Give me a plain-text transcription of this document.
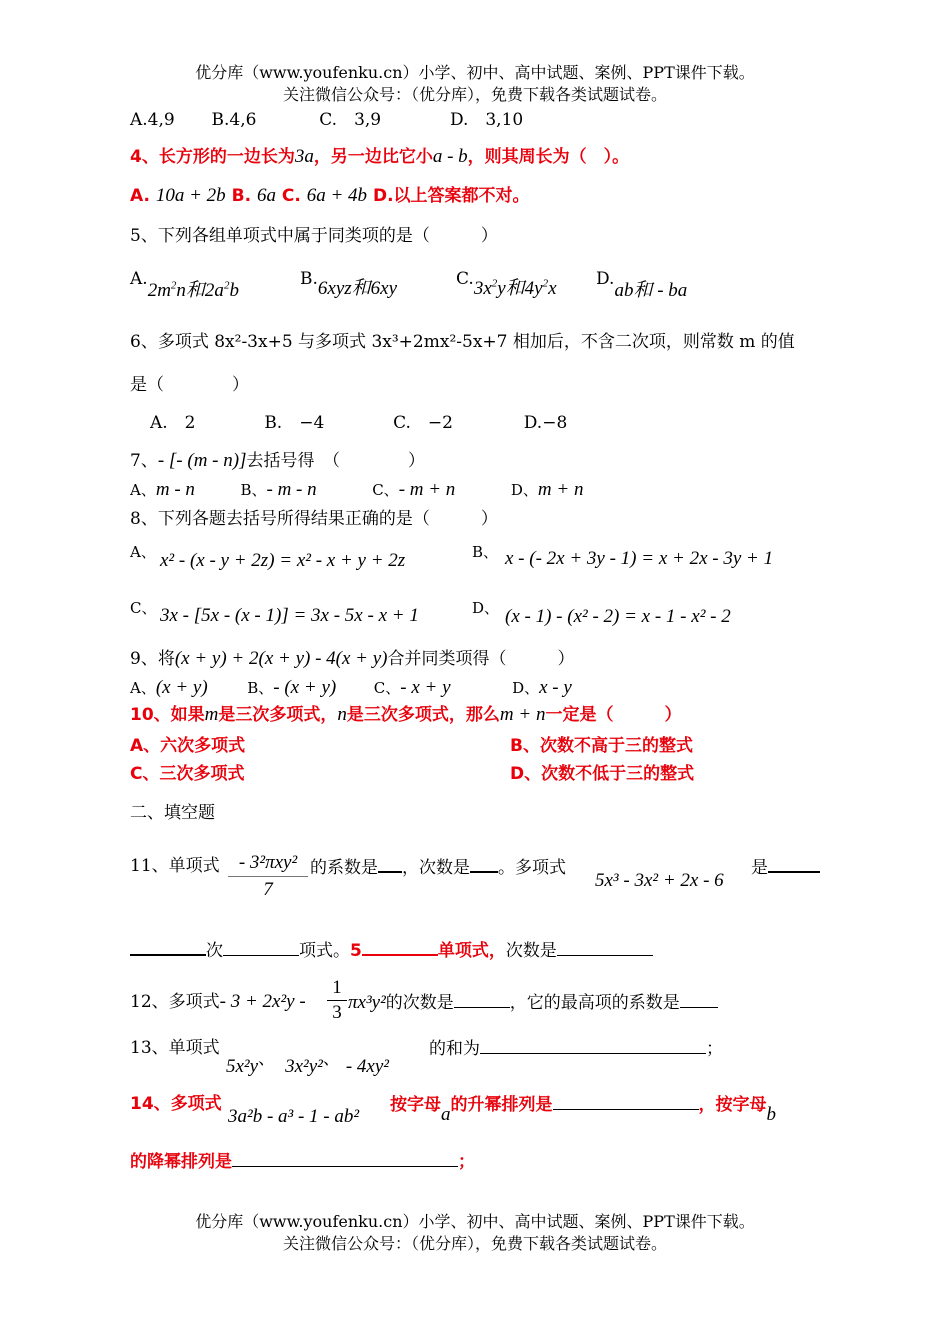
优分库（www.youfenku.cn）小学、初中、高中试题、案例、PPT课件下载。
关注微信公众号：（优分库），免费下载各类试题试卷。
A.4,9 B.4,6	C.　3,9	D.　3,10
4、长方形的一边长为3a，另一边比它小a - b，则其周长为（　）。
A. 10a + 2b B. 6a C. 6a + 4b D.以上答案都不对。
5、下列各组单项式中属于同类项的是（　　　）
$A.2m^2n$和$2a^2b$
B.6xyz和6xy	$C.3x^2y$和$4y^2x$ D.ab和 - ba
6、多项式 8x²-3x+5 与多项式 3x³+2mx²-5x+7 相加后，不含二次项，则常数 m 的值
是（　　　　）
A.　2	B.　−4	C.　−2	D.−8
7、- [- (m - n)]去括号得　（　　　　）
A、m - n	B、- m - n	C、- m + n	D、m + n
8、下列各题去括号所得结果正确的是（　　　）
A、 x² - (x - y + 2z) = x² - x + y + 2z	B、 x - (- 2x + 3y - 1) = x + 2x - 3y + 1
C、 3x - [5x - (x - 1)] = 3x - 5x - x + 1	D、 (x - 1) - (x² - 2) = x - 1 - x² - 2
9、将(x + y) + 2(x + y) - 4(x + y)合并同类项得（　　　）
A、(x + y)	B、- (x + y)	C、- x + y	D、x - y
10、如果m是三次多项式，n是三次多项式，那么m + n一定是（　　　）
A、六次多项式	B、次数不高于三的整式
C、三次多项式	D、次数不低于三的整式
二、填空题
11、单项式	- 3²πxy²
7
的系数是 ，次数是 。多项式
5x³ - 3x² + 2x - 6
是
次	项式。5	单项式，次数是
12、多项式- $3 + 2x^2y - \frac{1}{3} \pi x^3y^2$的次数是	，它的最高项的系数是
13、单项式
5x²y、 3x²y²、 - 4xy²
的和为	；
14、多项式
3a²b - a³ - 1 - ab²
按字母a的升幂排列是	，按字母b
的降幂排列是	；
优分库（www.youfenku.cn）小学、初中、高中试题、案例、PPT课件下载。
关注微信公众号：（优分库），免费下载各类试题试卷。
